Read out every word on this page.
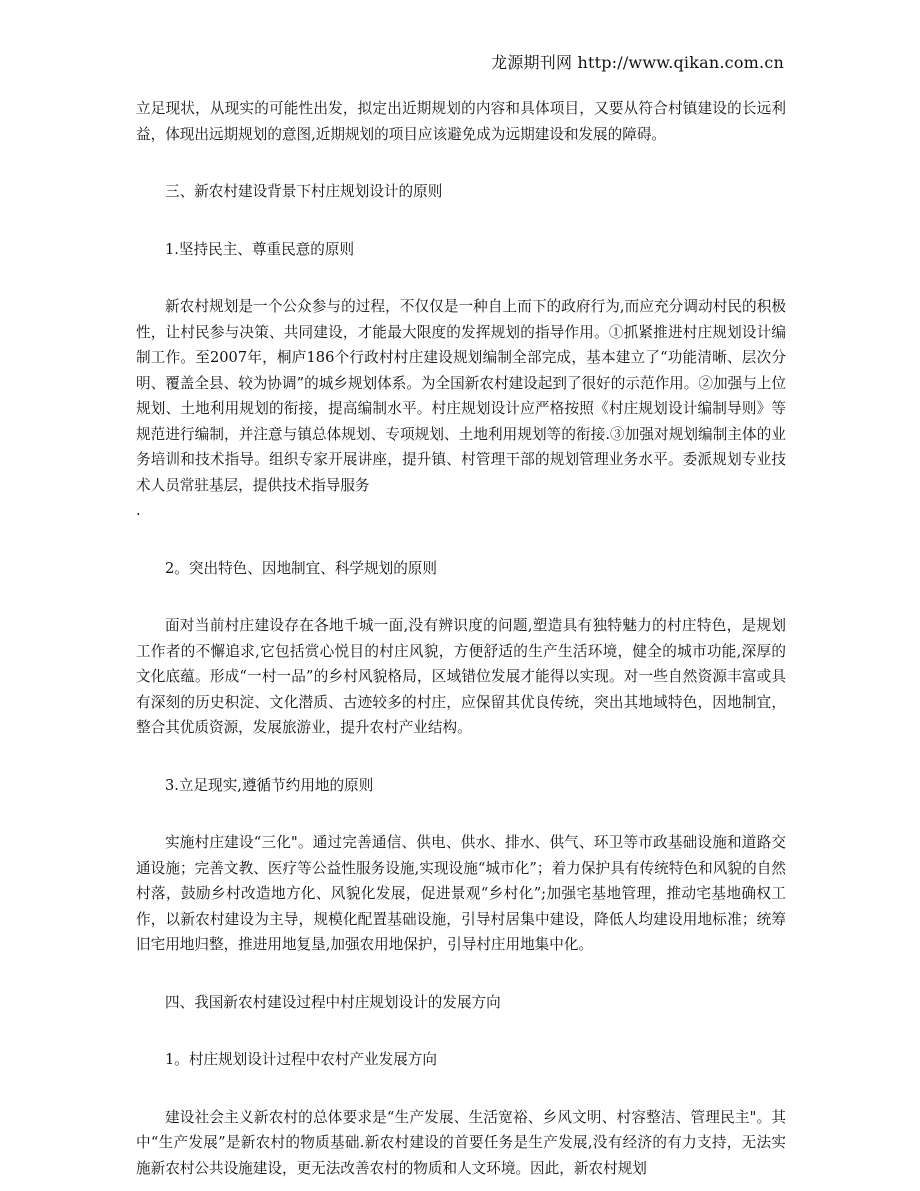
龙源期刊网 http://www.qikan.com.cn

立足现状，从现实的可能性出发，拟定出近期规划的内容和具体项目，又要从符合村镇建设的长远利益，体现出远期规划的意图,近期规划的项目应该避免成为远期建设和发展的障碍。

三、新农村建设背景下村庄规划设计的原则

1.坚持民主、尊重民意的原则

新农村规划是一个公众参与的过程，不仅仅是一种自上而下的政府行为,而应充分调动村民的积极性，让村民参与决策、共同建设，才能最大限度的发挥规划的指导作用。①抓紧推进村庄规划设计编制工作。至2007年，桐庐186个行政村村庄建设规划编制全部完成，基本建立了“功能清晰、层次分明、覆盖全县、较为协调”的城乡规划体系。为全国新农村建设起到了很好的示范作用。②加强与上位规划、土地利用规划的衔接，提高编制水平。村庄规划设计应严格按照《村庄规划设计编制导则》等规范进行编制，并注意与镇总体规划、专项规划、土地利用规划等的衔接.③加强对规划编制主体的业务培训和技术指导。组织专家开展讲座，提升镇、村管理干部的规划管理业务水平。委派规划专业技术人员常驻基层，提供技术指导服务

.

2。突出特色、因地制宜、科学规划的原则

面对当前村庄建设存在各地千城一面,没有辨识度的问题,塑造具有独特魅力的村庄特色，是规划工作者的不懈追求,它包括赏心悦目的村庄风貌，方便舒适的生产生活环境，健全的城市功能,深厚的文化底蕴。形成“一村一品”的乡村风貌格局，区域错位发展才能得以实现。对一些自然资源丰富或具有深刻的历史积淀、文化潜质、古迹较多的村庄，应保留其优良传统，突出其地域特色，因地制宜，整合其优质资源，发展旅游业，提升农村产业结构。

3.立足现实,遵循节约用地的原则

实施村庄建设“三化"。通过完善通信、供电、供水、排水、供气、环卫等市政基础设施和道路交通设施；完善文教、医疗等公益性服务设施,实现设施“城市化”；着力保护具有传统特色和风貌的自然村落，鼓励乡村改造地方化、风貌化发展，促进景观“乡村化”;加强宅基地管理，推动宅基地确权工作，以新农村建设为主导，规模化配置基础设施，引导村居集中建设，降低人均建设用地标准；统筹旧宅用地归整，推进用地复垦,加强农用地保护，引导村庄用地集中化。

四、我国新农村建设过程中村庄规划设计的发展方向

1。村庄规划设计过程中农村产业发展方向

建设社会主义新农村的总体要求是“生产发展、生活宽裕、乡风文明、村容整洁、管理民主"。其中“生产发展”是新农村的物质基础.新农村建设的首要任务是生产发展,没有经济的有力支持，无法实施新农村公共设施建设，更无法改善农村的物质和人文环境。因此，新农村规划
